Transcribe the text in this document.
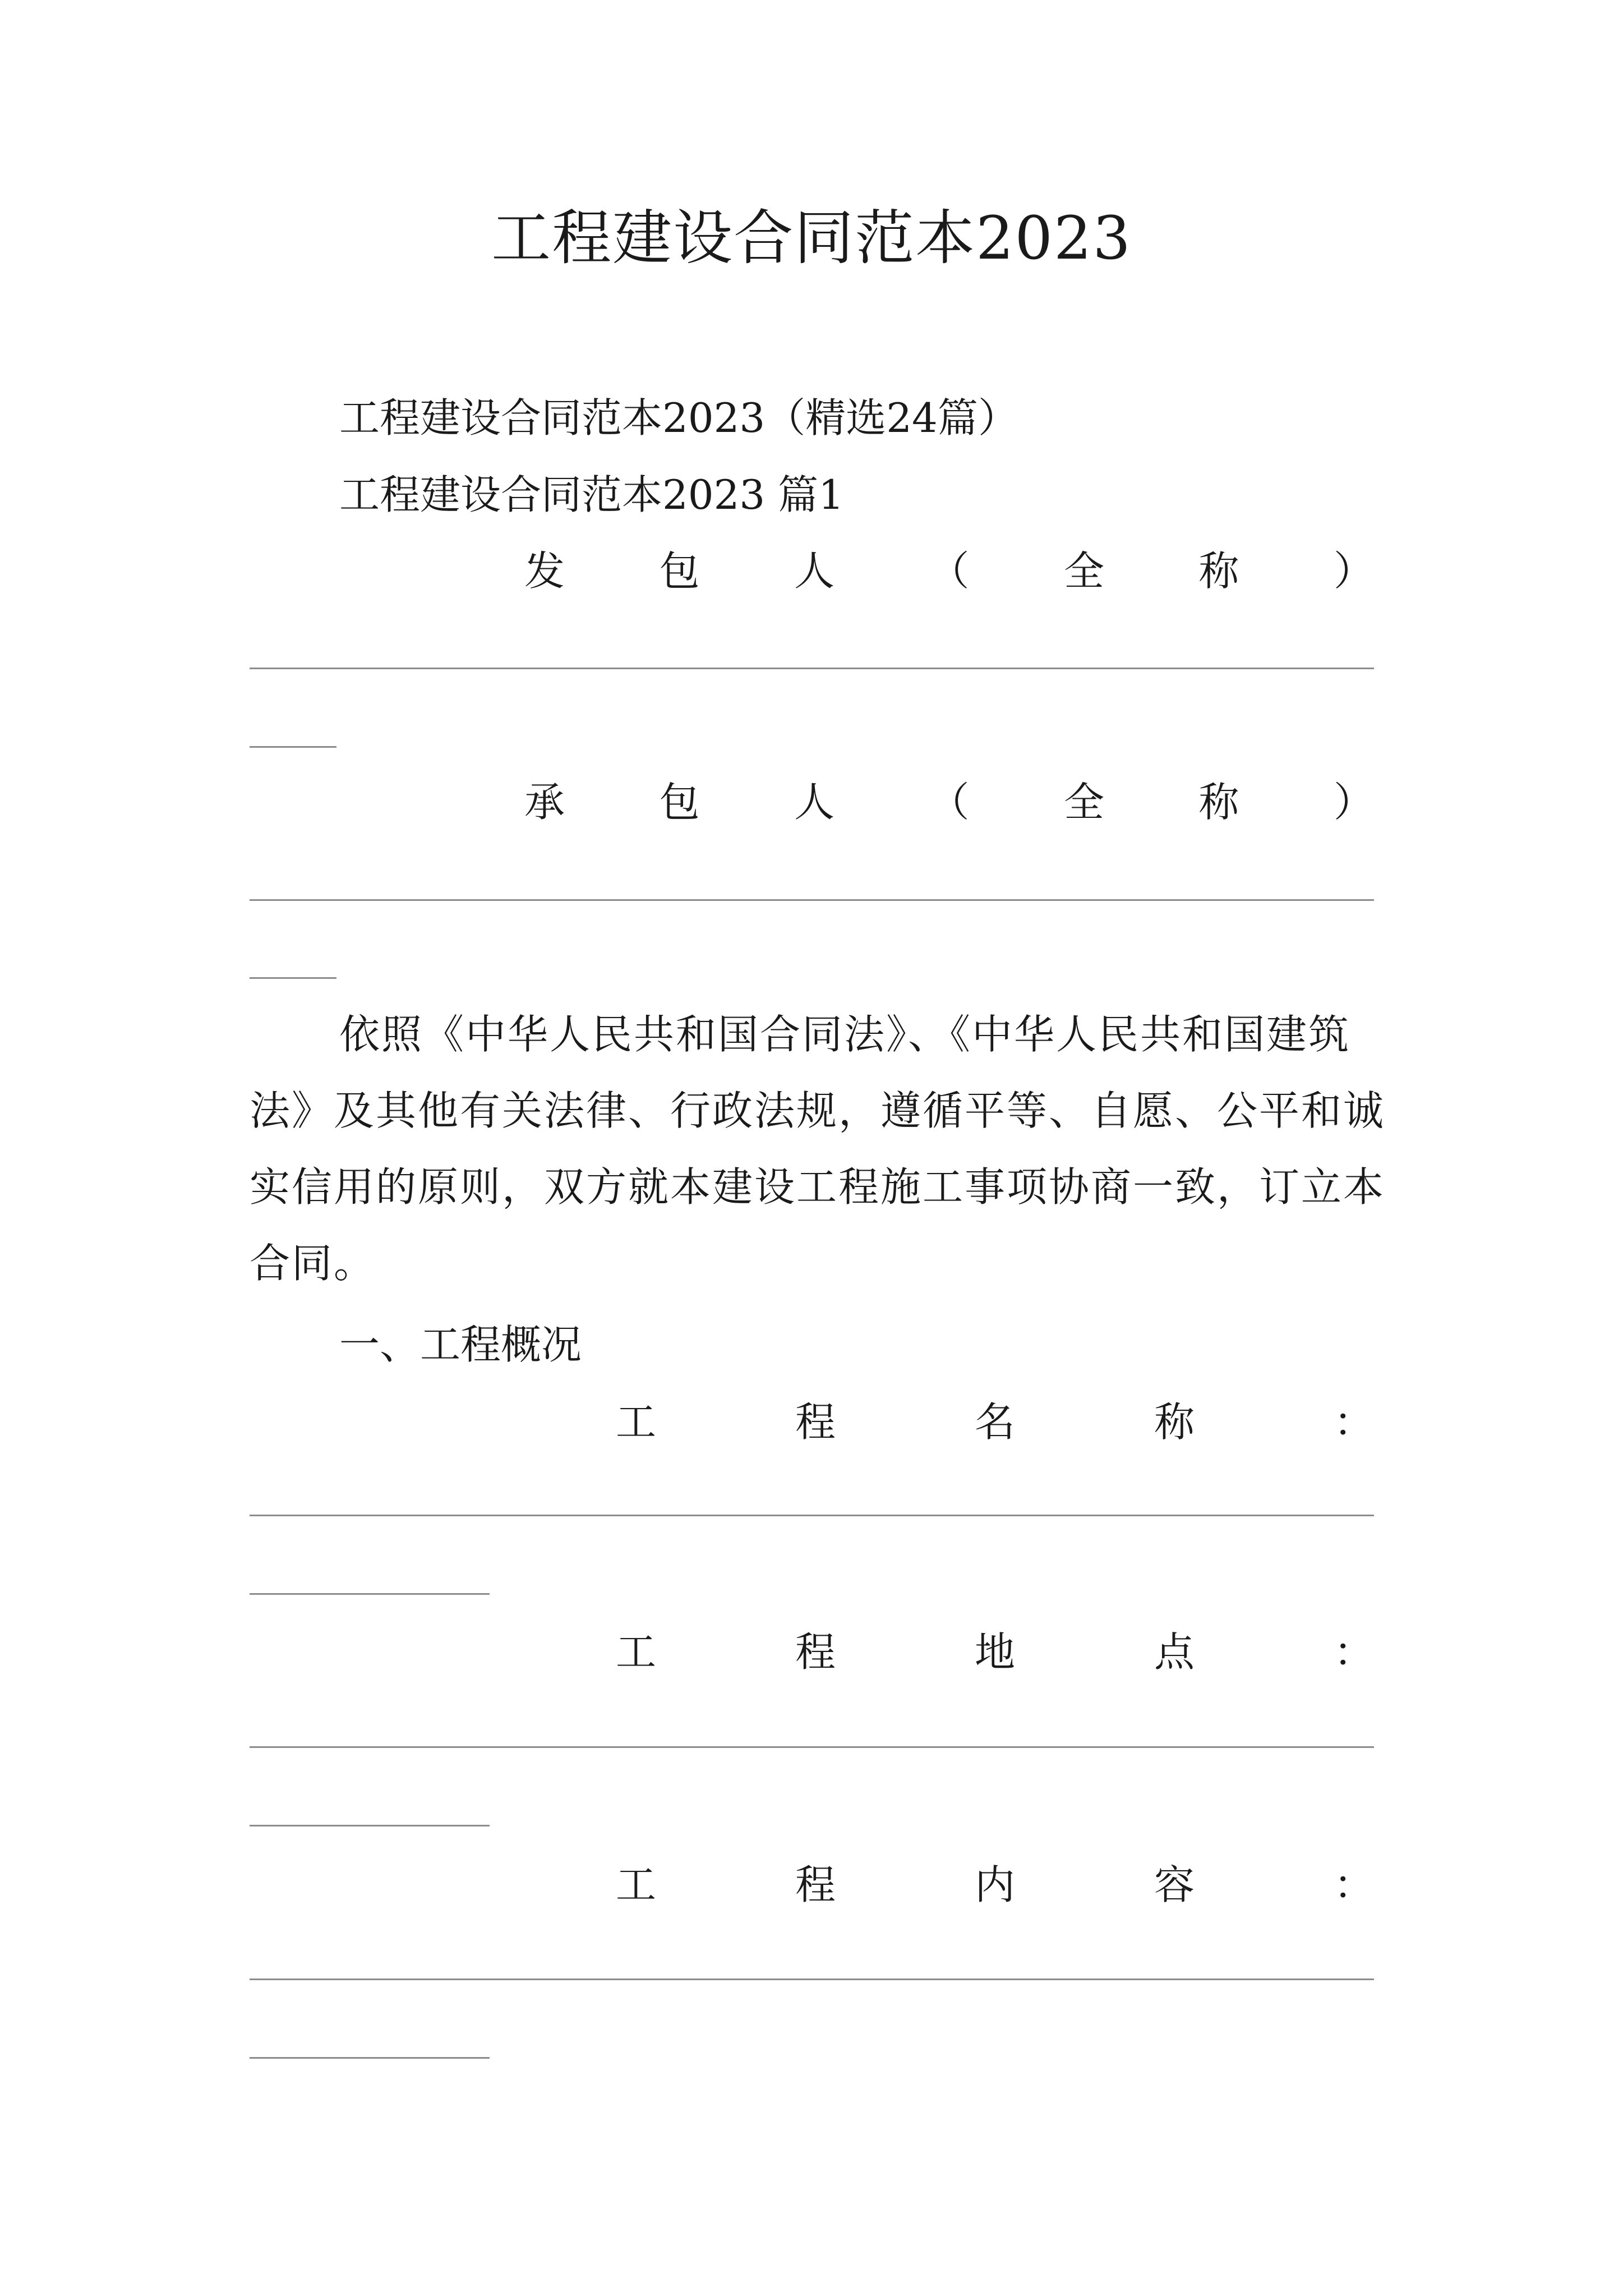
工程建设合同范本2023
工程建设合同范本2023（精选24篇）
工程建设合同范本2023 篇1
发 包 人 （ 全 称 ）
承 包 人 （ 全 称 ）
依照《中华人民共和国合同法》、《中华人民共和国建筑法》及其他有关法律、行政法规，遵循平等、自愿、公平和诚实信用的原则，双方就本建设工程施工事项协商一致，订立本合同。
一、工程概况
工	程	名	称	：
工	程	地	点	：
工	程	内	容	：
